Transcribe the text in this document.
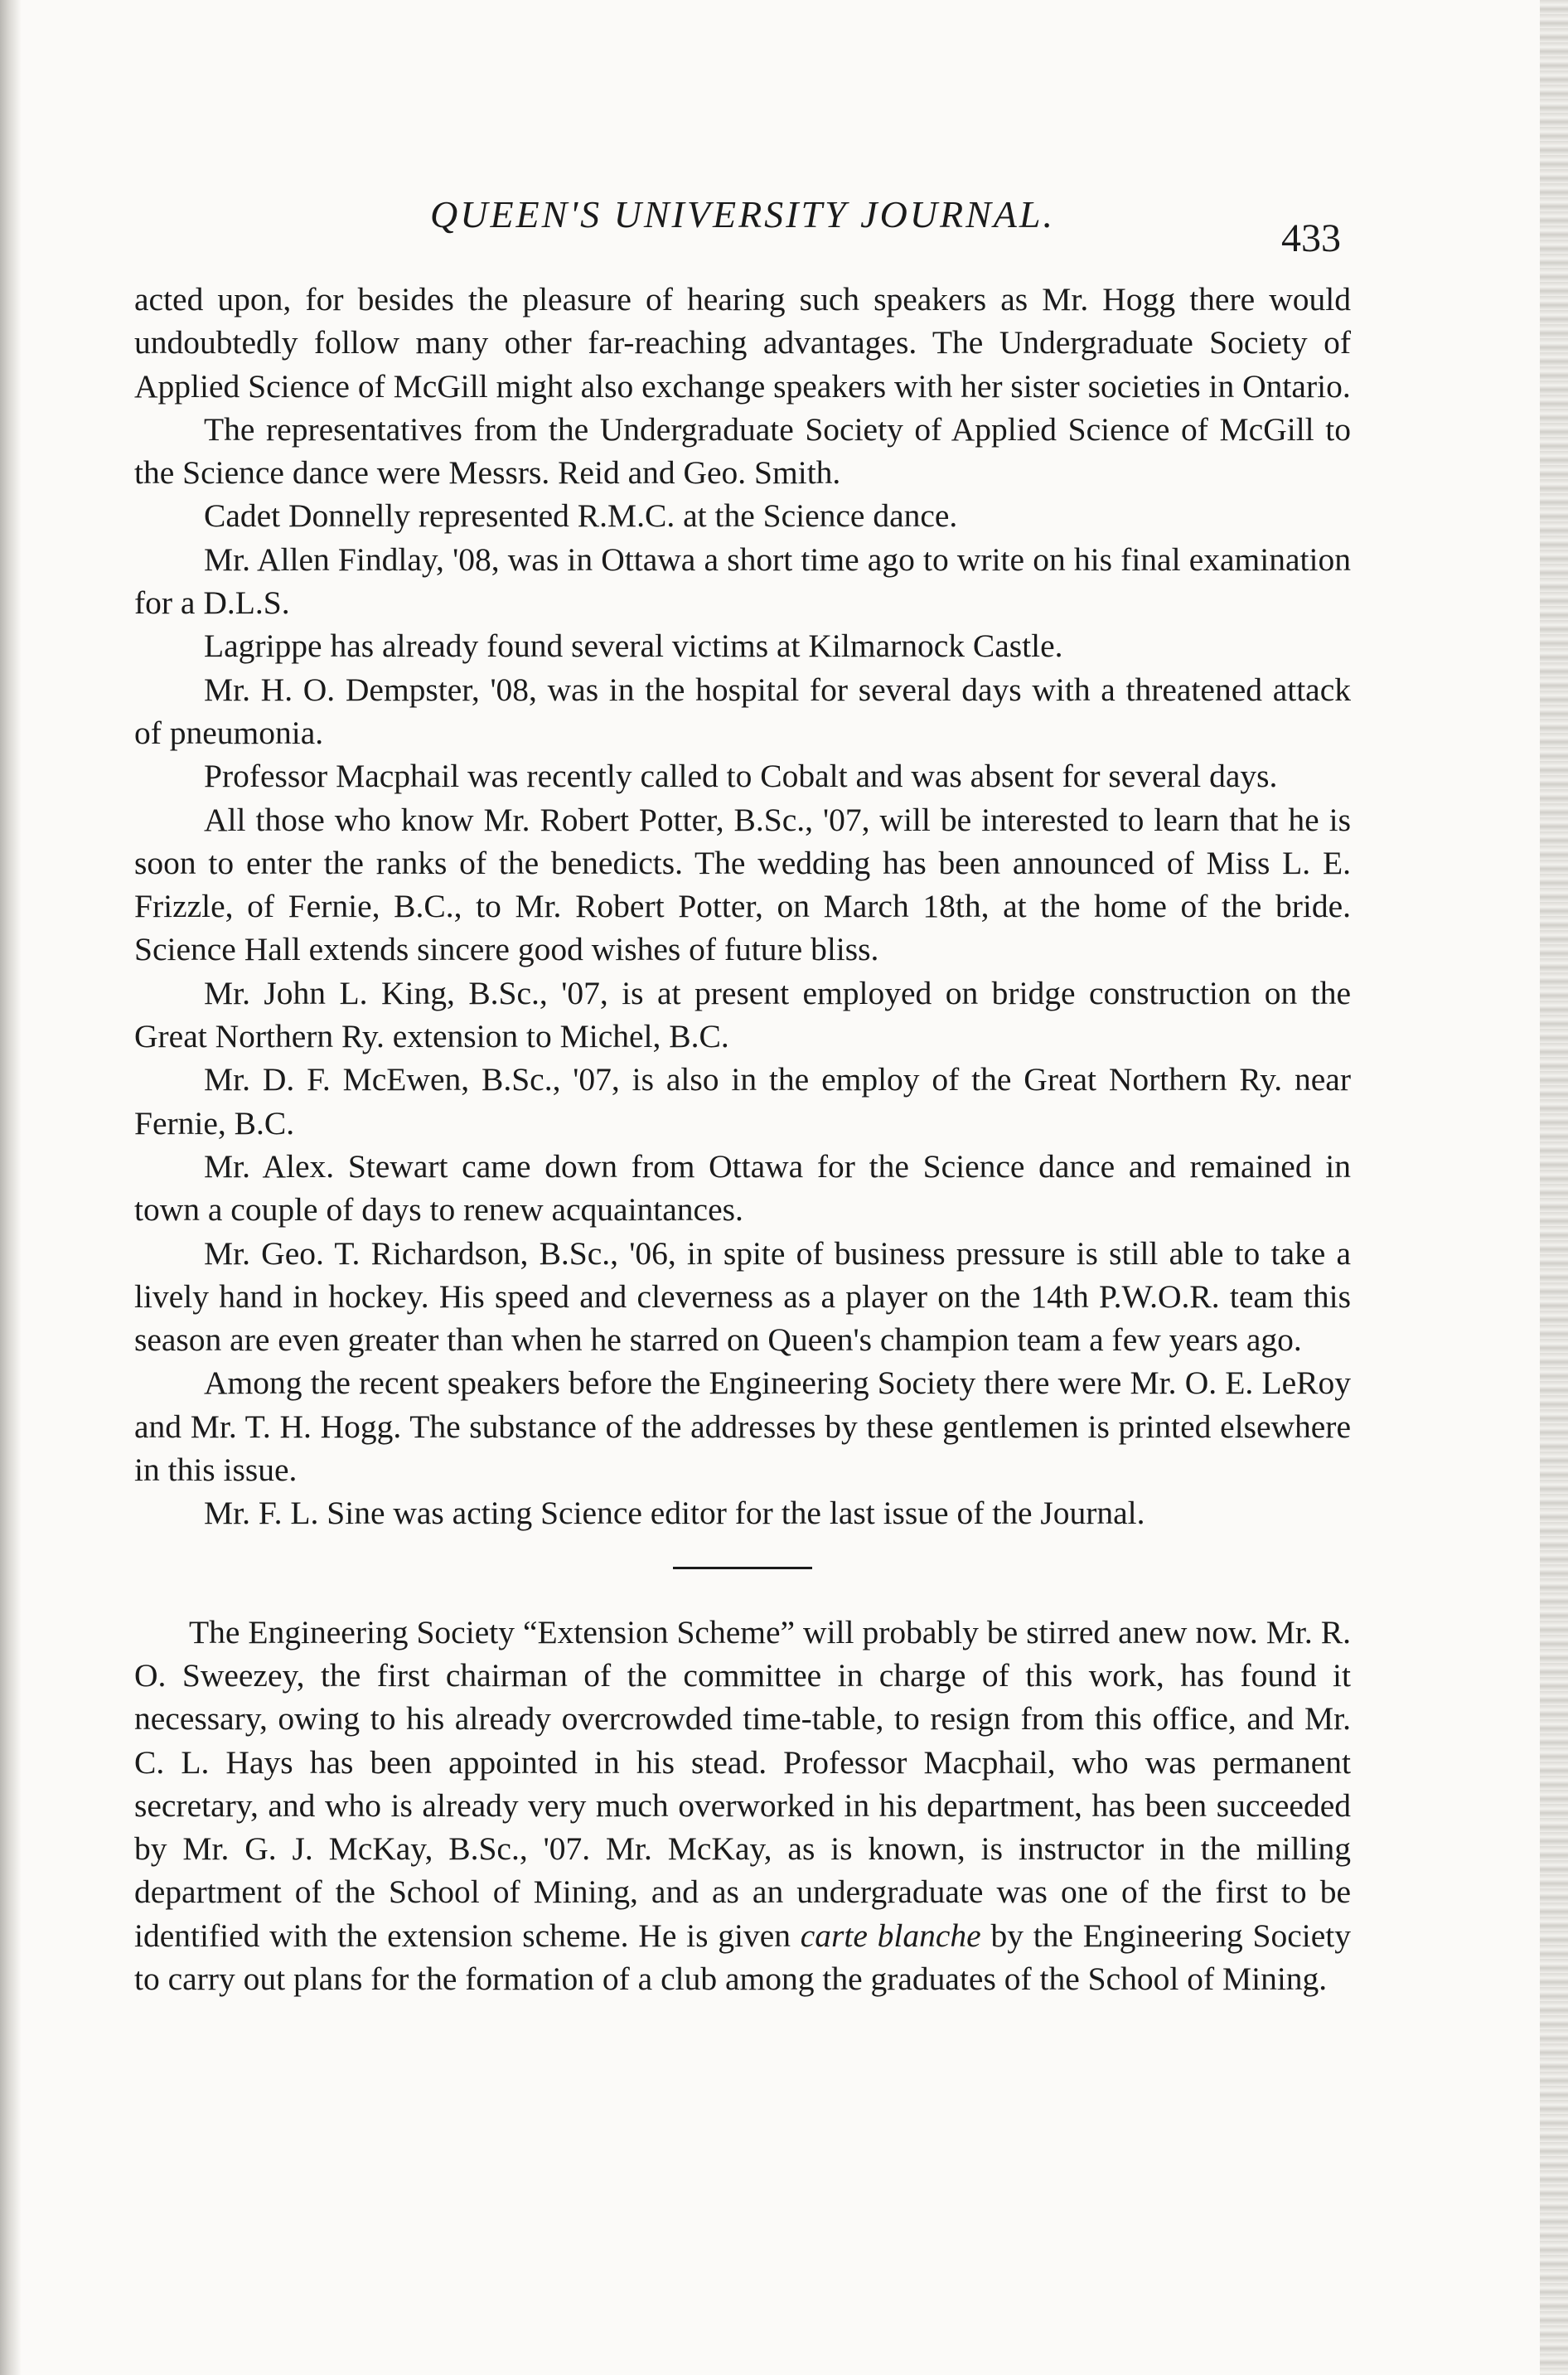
QUEEN'S UNIVERSITY JOURNAL.
433

acted upon, for besides the pleasure of hearing such speakers as Mr. Hogg there would undoubtedly follow many other far-reaching advantages. The Undergraduate Society of Applied Science of McGill might also exchange speakers with her sister societies in Ontario.

The representatives from the Undergraduate Society of Applied Science of McGill to the Science dance were Messrs. Reid and Geo. Smith.

Cadet Donnelly represented R.M.C. at the Science dance.

Mr. Allen Findlay, '08, was in Ottawa a short time ago to write on his final examination for a D.L.S.

Lagrippe has already found several victims at Kilmarnock Castle.

Mr. H. O. Dempster, '08, was in the hospital for several days with a threatened attack of pneumonia.

Professor Macphail was recently called to Cobalt and was absent for several days.

All those who know Mr. Robert Potter, B.Sc., '07, will be interested to learn that he is soon to enter the ranks of the benedicts. The wedding has been announced of Miss L. E. Frizzle, of Fernie, B.C., to Mr. Robert Potter, on March 18th, at the home of the bride. Science Hall extends sincere good wishes of future bliss.

Mr. John L. King, B.Sc., '07, is at present employed on bridge construction on the Great Northern Ry. extension to Michel, B.C.

Mr. D. F. McEwen, B.Sc., '07, is also in the employ of the Great Northern Ry. near Fernie, B.C.

Mr. Alex. Stewart came down from Ottawa for the Science dance and remained in town a couple of days to renew acquaintances.

Mr. Geo. T. Richardson, B.Sc., '06, in spite of business pressure is still able to take a lively hand in hockey. His speed and cleverness as a player on the 14th P.W.O.R. team this season are even greater than when he starred on Queen's champion team a few years ago.

Among the recent speakers before the Engineering Society there were Mr. O. E. LeRoy and Mr. T. H. Hogg. The substance of the addresses by these gentlemen is printed elsewhere in this issue.

Mr. F. L. Sine was acting Science editor for the last issue of the Journal.

The Engineering Society “Extension Scheme” will probably be stirred anew now. Mr. R. O. Sweezey, the first chairman of the committee in charge of this work, has found it necessary, owing to his already overcrowded time-table, to resign from this office, and Mr. C. L. Hays has been appointed in his stead. Professor Macphail, who was permanent secretary, and who is already very much overworked in his department, has been succeeded by Mr. G. J. McKay, B.Sc., '07. Mr. McKay, as is known, is instructor in the milling department of the School of Mining, and as an undergraduate was one of the first to be identified with the extension scheme. He is given carte blanche by the Engineering Society to carry out plans for the formation of a club among the graduates of the School of Mining.
